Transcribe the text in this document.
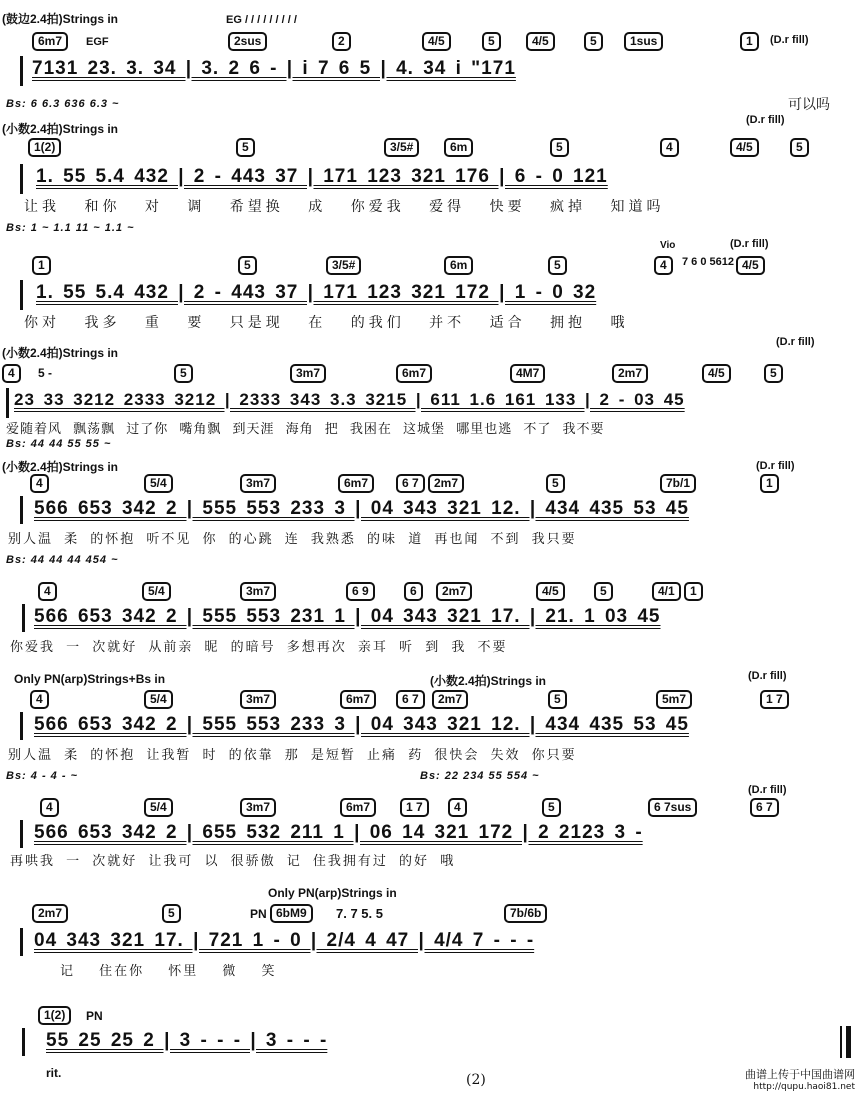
(鼓边2.4拍)Strings in	EG / / / / / / / / /
6m7	EGF	2sus	2	4/5	5	4/5	5	1sus	1	(D.r fill)
7131 23. 3. 34 | 3. 2 6 - | i 7 6 5 | 4. 34 i "171
Bs: 6 6.3 636 6.3 ~	可以吗
(小数2.4拍)Strings in
(D.r fill)
1(2)	5	3/5#	6m	5	4	4/5	5
1. 55 5.4 432 | 2 - 443 37 | 171 123 321 176 | 6 - 0 121
让我 和你 对 调 希望换 成 你爱我 爱得 快要 疯掉 知道吗
Bs: 1 ~ 1.1 11 ~ 1.1 ~
Vio	(D.r fill)
1	5	3/5#	6m	5	4	7 6 0 5612 4/5
1. 55 5.4 432 | 2 - 443 37 | 171 123 321 172 | 1 - 0 32
你对 我多 重 要 只是现 在 的我们 并不 适合 拥抱 哦
(小数2.4拍)Strings in
(D.r fill)
4	5 -	5	3m7	6m7	4M7	2m7	4/5	5
23 33 3212 2333 3212 | 2333 343 3.3 3215 | 611 1.6 161 133 | 2 - 03 45
爱随着风 飘荡飘 过了你 嘴角飘 到天涯 海角 把 我困在 这城堡 哪里也逃 不了 我不要
Bs: 44 44 55 55 ~
(小数2.4拍)Strings in	(D.r fill)
4	5/4	3m7	6m7	6 7	2m7	5	7b/1	1
566 653 342 2 | 555 553 233 3 | 04 343 321 12. | 434 435 53 45
别人温 柔 的怀抱 听不见 你 的心跳 连 我熟悉 的味 道 再也闻 不到 我只要
Bs: 44 44 44 454 ~
4	5/4	3m7	6 9	6	2m7	4/5	5	4/1	1
566 653 342 2 | 555 553 231 1 | 04 343 321 17. | 21. 1 03 45
你爱我 一 次就好 从前亲 昵 的暗号 多想再次 亲耳 听 到 我 不要
Only PN(arp)Strings+Bs in	(小数2.4拍)Strings in	(D.r fill)
4	5/4	3m7	6m7	6 7	2m7	5	5m7	1 7
566 653 342 2 | 555 553 233 3 | 04 343 321 12. | 434 435 53 45
别人温 柔 的怀抱 让我暂 时 的依靠 那 是短暂 止痛 药 很快会 失效 你只要
Bs: 4 - 4 - ~	Bs: 22 234 55 554 ~
(D.r fill)
4	5/4	3m7	6m7	1 7	4	5	6 7sus	6 7
566 653 342 2 | 655 532 211 1 | 06 14 321 172 | 2 2123 3 -
再哄我 一 次就好 让我可 以 很骄傲 记 住我拥有过 的好 哦
Only PN(arp)Strings in
2m7	5	PN 6bM9	7. 7 5. 5	7b/6b
04 343 321 17. | 721 1 - 0 | 2/4 4 47 | 4/4 7 - - -
记 住在你 怀里 微 笑
1(2)	PN
55 25 25 2 | 3 - - - | 3 - - -
rit.	(2)	曲谱上传于中国曲谱网
http://qupu.haoi81.net
